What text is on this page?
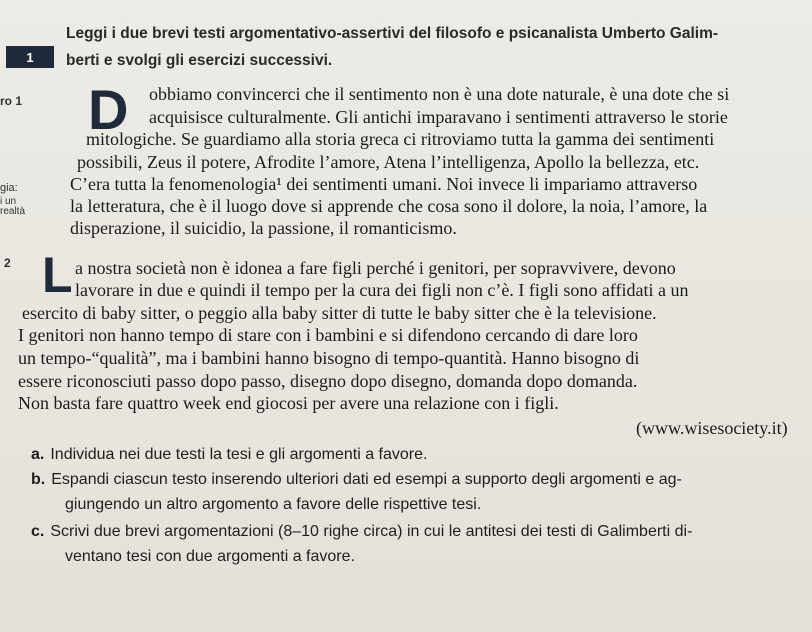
1
Leggi i due brevi testi argomentativo-assertivi del filosofo e psicanalista Umberto Galim-
berti e svolgi gli esercizi successivi.
ro 1
gia:
i un
realtà
2
D obbiamo convincerci che il sentimento non è una dote naturale, è una dote che si
acquisisce culturalmente. Gli antichi imparavano i sentimenti attraverso le storie
mitologiche. Se guardiamo alla storia greca ci ritroviamo tutta la gamma dei sentimenti
possibili, Zeus il potere, Afrodite l’amore, Atena l’intelligenza, Apollo la bellezza, etc.
C’era tutta la fenomenologia¹ dei sentimenti umani. Noi invece li impariamo attraverso
la letteratura, che è il luogo dove si apprende che cosa sono il dolore, la noia, l’amore, la
disperazione, il suicidio, la passione, il romanticismo.
L a nostra società non è idonea a fare figli perché i genitori, per sopravvivere, devono
lavorare in due e quindi il tempo per la cura dei figli non c’è. I figli sono affidati a un
esercito di baby sitter, o peggio alla baby sitter di tutte le baby sitter che è la televisione.
I genitori non hanno tempo di stare con i bambini e si difendono cercando di dare loro
un tempo-“qualità”, ma i bambini hanno bisogno di tempo-quantità. Hanno bisogno di
essere riconosciuti passo dopo passo, disegno dopo disegno, domanda dopo domanda.
Non basta fare quattro week end giocosi per avere una relazione con i figli.
(www.wisesociety.it)
a. Individua nei due testi la tesi e gli argomenti a favore.
b. Espandi ciascun testo inserendo ulteriori dati ed esempi a supporto degli argomenti e ag-
giungendo un altro argomento a favore delle rispettive tesi.
c. Scrivi due brevi argomentazioni (8–10 righe circa) in cui le antitesi dei testi di Galimberti di-
ventano tesi con due argomenti a favore.
